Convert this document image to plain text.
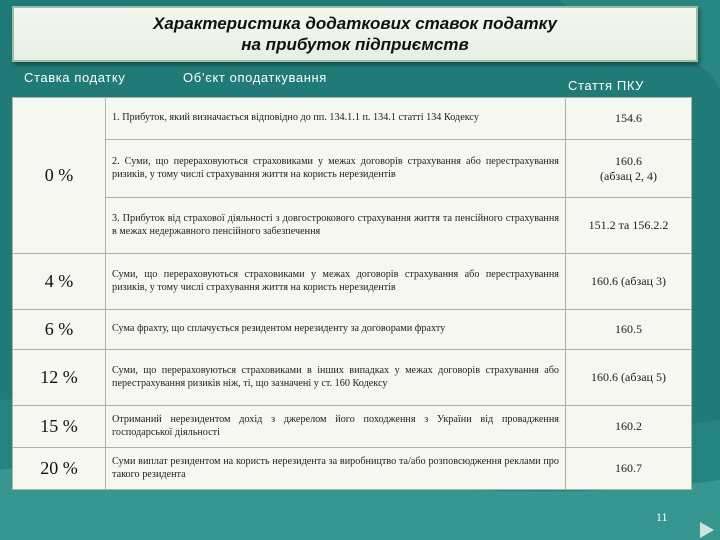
Характеристика додаткових ставок податку
на прибуток підприємств
Ставка податку	Об’єкт оподаткування
Стаття ПКУ
0 %	1. Прибуток, який визначається відповідно до пп. 134.1.1 п. 134.1 статті 134 Кодексу	154.6
	2. Суми, що перераховуються страховиками у межах договорів страхування або перестрахування ризиків, у тому числі страхування життя на користь нерезидентів	160.6
(абзац 2, 4)

	3. Прибуток від страхової діяльності з довгострокового страхування життя та пенсійного страхування в межах недержавного пенсійного забезпечення	151.2 та 156.2.2
4 %	Суми, що перераховуються страховиками у межах договорів страхування або перестрахування ризиків, у тому числі страхування життя на користь нерезидентів	160.6 (абзац 3)
6 %	Сума фрахту, що сплачується резидентом нерезиденту за договорами фрахту	160.5
12 %	Суми, що перераховуються страховиками в інших випадках у межах договорів страхування або перестрахування ризиків ніж, ті, що зазначені у ст. 160 Кодексу	160.6 (абзац 5)
15 %	Отриманий нерезидентом дохід з джерелом його походження з України від провадження господарської діяльності	160.2
20 %	Суми виплат резидентом на користь нерезидента за виробництво та/або розповсюдження реклами про такого резидента	160.7
11
